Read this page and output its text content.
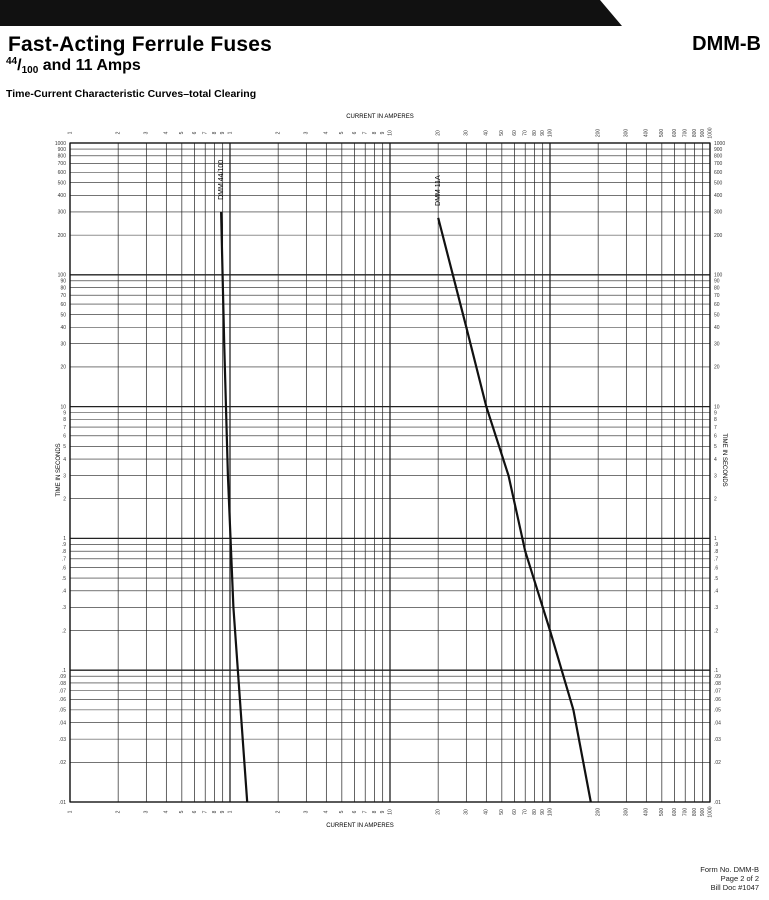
Fast-Acting Ferrule Fuses
$^{44}$/100 and 11 Amps
DMM-B
Time-Current Characteristic Curves–total Clearing
1
1
2
2
3
3
4
4
5
5
6
6
7
7
8
8
9
9
1
1
2
2
3
3
4
4
5
5
6
6
7
7
8
8
9
9
10
10
20
20
30
30
40
40
50
50
60
60
70
70
80
80
90
90
100
100
200
200
300
300
400
400
500
500
600
600
700
700
800
800
900
900
1000
1000
1000	1000
900	900
800	800
700	700
600	600
500	500
400	400
300	300
200	200
100	100
90	90
80	80
70	70
60	60
50	50
40	40
30	30
20	20
10	10
9	9
8	8
7	7
6	6
5	5
4	4
3	3
2	2
1	1
.9	.9
.8	.8
.7	.7
.6	.6
.5	.5
.4	.4
.3	.3
.2	.2
.1	.1
.09	.09
.08	.08
.07	.07
.06	.06
.05	.05
.04	.04
.03	.03
.02	.02
.01	.01
CURRENT IN AMPERES
CURRENT IN AMPERES
TIME IN SECONDS	TIME IN SECONDS
DMM 44/100	DMM 11A
Form No. DMM-B
Page 2 of 2
Bill Doc #1047
